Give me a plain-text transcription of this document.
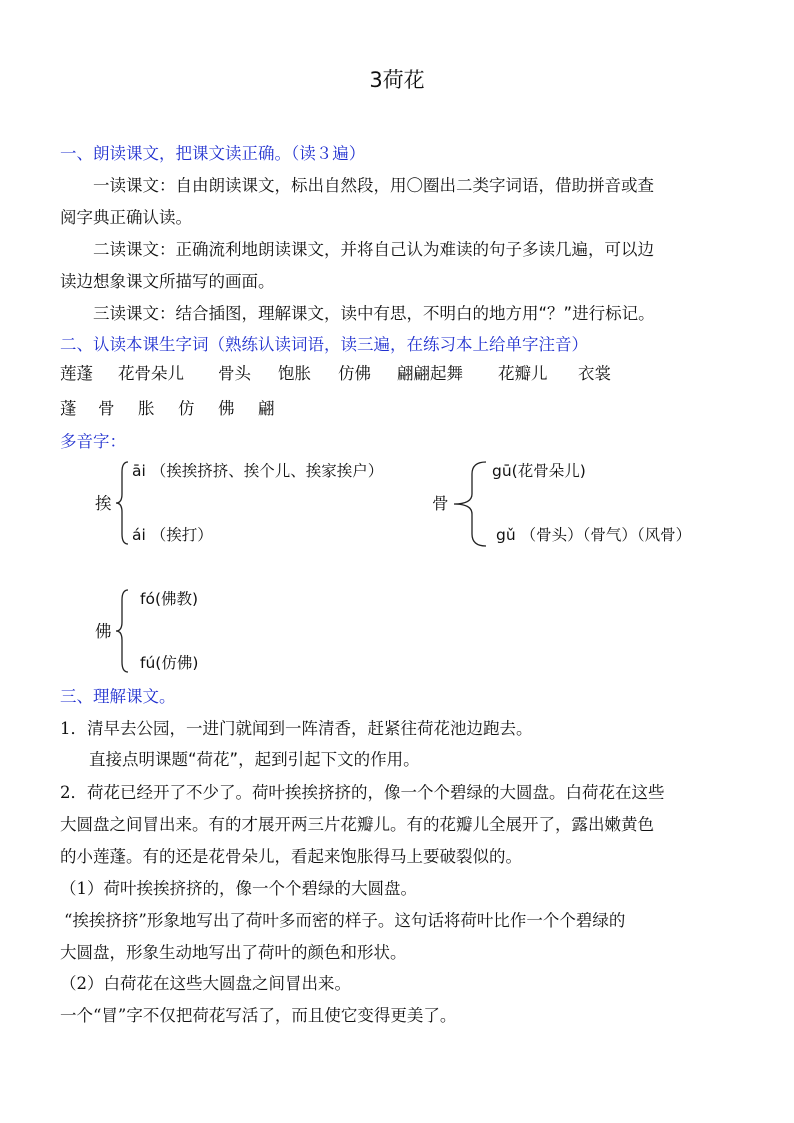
3荷花
一、朗读课文，把课文读正确。（读３遍）
一读课文：自由朗读课文，标出自然段，用〇圈出二类字词语，借助拼音或查
阅字典正确认读。
二读课文：正确流利地朗读课文，并将自己认为难读的句子多读几遍，可以边
读边想象课文所描写的画面。
三读课文：结合插图，理解课文，读中有思，不明白的地方用“？”进行标记。
二、认读本课生字词（熟练认读词语，读三遍，在练习本上给单字注音）
莲蓬 花骨朵儿 骨头 饱胀 仿佛 翩翩起舞 花瓣儿 衣裳
蓬 骨 胀 仿 佛 翩
多音字：
挨
āi （挨挨挤挤、挨个儿、挨家挨户）
ái （挨打）
骨
gū(花骨朵儿)
gǔ （骨头）（骨气）（风骨）
佛
fó(佛教)
fú(仿佛)
三、理解课文。
1．清早去公园，一进门就闻到一阵清香，赶紧往荷花池边跑去。
直接点明课题“荷花”，起到引起下文的作用。
2．荷花已经开了不少了。荷叶挨挨挤挤的，像一个个碧绿的大圆盘。白荷花在这些
大圆盘之间冒出来。有的才展开两三片花瓣儿。有的花瓣儿全展开了，露出嫩黄色
的小莲蓬。有的还是花骨朵儿，看起来饱胀得马上要破裂似的。
（1）荷叶挨挨挤挤的，像一个个碧绿的大圆盘。
“挨挨挤挤”形象地写出了荷叶多而密的样子。这句话将荷叶比作一个个碧绿的
大圆盘，形象生动地写出了荷叶的颜色和形状。
（2）白荷花在这些大圆盘之间冒出来。
一个“冒”字不仅把荷花写活了，而且使它变得更美了。
